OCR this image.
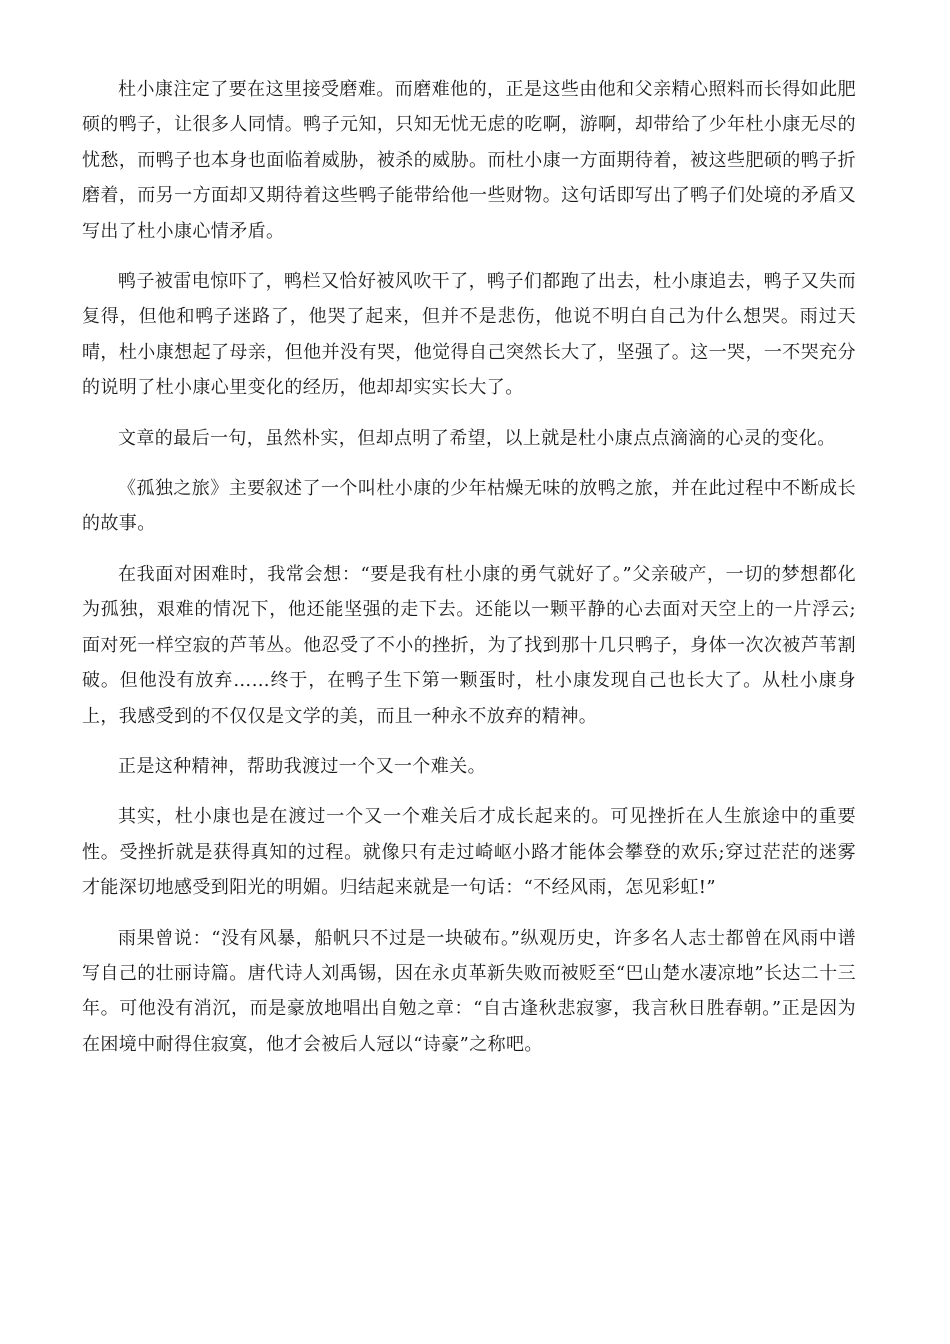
杜小康注定了要在这里接受磨难。而磨难他的，正是这些由他和父亲精心照料而长得如此肥硕的鸭子，让很多人同情。鸭子元知，只知无忧无虑的吃啊，游啊，却带给了少年杜小康无尽的忧愁，而鸭子也本身也面临着威胁，被杀的威胁。而杜小康一方面期待着，被这些肥硕的鸭子折磨着，而另一方面却又期待着这些鸭子能带给他一些财物。这句话即写出了鸭子们处境的矛盾又写出了杜小康心情矛盾。

鸭子被雷电惊吓了，鸭栏又恰好被风吹干了，鸭子们都跑了出去，杜小康追去，鸭子又失而复得，但他和鸭子迷路了，他哭了起来，但并不是悲伤，他说不明白自己为什么想哭。雨过天晴，杜小康想起了母亲，但他并没有哭，他觉得自己突然长大了，坚强了。这一哭，一不哭充分的说明了杜小康心里变化的经历，他却却实实长大了。

文章的最后一句，虽然朴实，但却点明了希望，以上就是杜小康点点滴滴的心灵的变化。

《孤独之旅》主要叙述了一个叫杜小康的少年枯燥无味的放鸭之旅，并在此过程中不断成长的故事。

在我面对困难时，我常会想：“要是我有杜小康的勇气就好了。”父亲破产，一切的梦想都化为孤独，艰难的情况下，他还能坚强的走下去。还能以一颗平静的心去面对天空上的一片浮云;面对死一样空寂的芦苇丛。他忍受了不小的挫折，为了找到那十几只鸭子，身体一次次被芦苇割破。但他没有放弃……终于，在鸭子生下第一颗蛋时，杜小康发现自己也长大了。从杜小康身上，我感受到的不仅仅是文学的美，而且一种永不放弃的精神。

正是这种精神，帮助我渡过一个又一个难关。

其实，杜小康也是在渡过一个又一个难关后才成长起来的。可见挫折在人生旅途中的重要性。受挫折就是获得真知的过程。就像只有走过崎岖小路才能体会攀登的欢乐;穿过茫茫的迷雾才能深切地感受到阳光的明媚。归结起来就是一句话：“不经风雨，怎见彩虹!”

雨果曾说：“没有风暴，船帆只不过是一块破布。”纵观历史，许多名人志士都曾在风雨中谱写自己的壮丽诗篇。唐代诗人刘禹锡，因在永贞革新失败而被贬至“巴山楚水凄凉地”长达二十三年。可他没有消沉，而是豪放地唱出自勉之章：“自古逢秋悲寂寥，我言秋日胜春朝。”正是因为在困境中耐得住寂寞，他才会被后人冠以“诗豪”之称吧。
